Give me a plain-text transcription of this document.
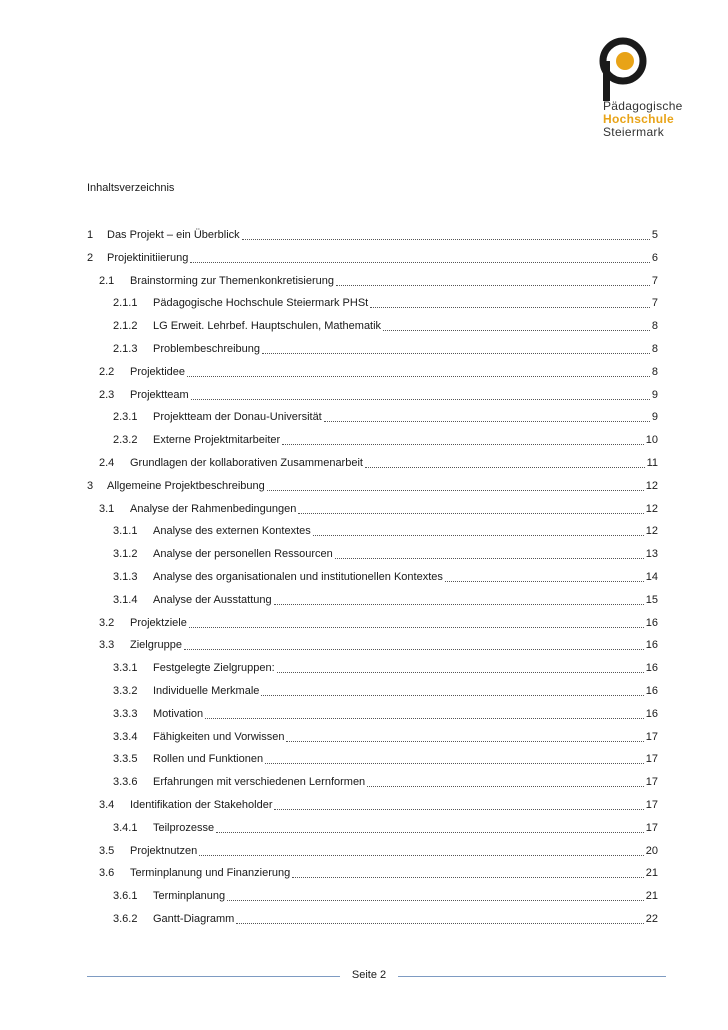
Pädagogische
Hochschule
Steiermark
Inhaltsverzeichnis
1	Das Projekt – ein Überblick	5
2	Projektinitiierung	6
2.1	Brainstorming zur Themenkonkretisierung	7
2.1.1	Pädagogische Hochschule Steiermark PHSt	7
2.1.2	LG Erweit. Lehrbef. Hauptschulen, Mathematik	8
2.1.3	Problembeschreibung	8
2.2	Projektidee	8
2.3	Projektteam	9
2.3.1	Projektteam der Donau-Universität	9
2.3.2	Externe Projektmitarbeiter	10
2.4	Grundlagen der kollaborativen Zusammenarbeit	11
3	Allgemeine Projektbeschreibung	12
3.1	Analyse der Rahmenbedingungen	12
3.1.1	Analyse des externen Kontextes	12
3.1.2	Analyse der personellen Ressourcen	13
3.1.3	Analyse des organisationalen und institutionellen Kontextes	14
3.1.4	Analyse der Ausstattung	15
3.2	Projektziele	16
3.3	Zielgruppe	16
3.3.1	Festgelegte Zielgruppen:	16
3.3.2	Individuelle Merkmale	16
3.3.3	Motivation	16
3.3.4	Fähigkeiten und Vorwissen	17
3.3.5	Rollen und Funktionen	17
3.3.6	Erfahrungen mit verschiedenen Lernformen	17
3.4	Identifikation der Stakeholder	17
3.4.1	Teilprozesse	17
3.5	Projektnutzen	20
3.6	Terminplanung und Finanzierung	21
3.6.1	Terminplanung	21
3.6.2	Gantt-Diagramm	22
Seite 2
